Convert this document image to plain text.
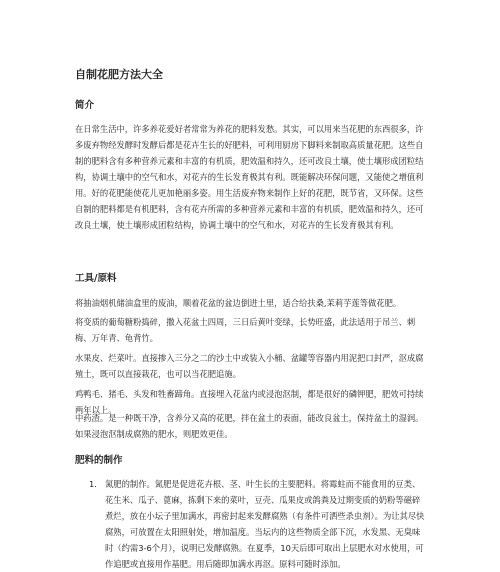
自制花肥方法大全
简介
在日常生活中，许多养花爱好者常常为养花的肥料发愁。其实，可以用来当花肥的东西很多，许多废弃物经发酵时发酵后都是花卉生长的好肥料，可利用厨房下脚料来制取高质量花肥。这些自制的肥料含有多种营养元素和丰富的有机质，肥效温和持久，还可改良土壤，使土壤形成团粒结构，协调土壤中的空气和水，对花卉的生长发育极其有利。既能解决环保问题，又能使之增值利用。好的花肥能使花儿更加艳丽多姿。用生活废弃物来制作上好的花肥，既节省，又环保。这些自制的肥料都是有机肥料，含有花卉所需的多种营养元素和丰富的有机质，肥效温和持久，还可改良土壤，使土壤形成团粒结构，协调土壤中的空气和水，对花卉的生长发育极其有利。
工具/原料
将抽油烟机储油盒里的废油，顺着花盆的盆边倒进土里，适合给扶桑,茉莉芋莲等做花肥。
将变质的葡萄糖粉捣碎，撒入花盆土四周，三日后黄叶变绿，长势旺盛，此法适用于吊兰、刺梅、万年青、龟背竹。
水果皮、烂菜叶。直接掺入三分之二的沙土中或装入小桶、盆罐等容器内用泥把口封严，沤成腐殖土，既可以直接栽花，也可以当花肥追施。
鸡鸭毛、猪毛、头发和牲畜蹄角。直接埋入花盆内或浸泡沤制，都是很好的磷钾肥，肥效可持续两年以上。
中药渣。是一种既干净，含养分又高的花肥，拌在盆土的表面，能改良盆土，保持盆土的湿润。如果浸泡沤制成腐熟的肥水，则肥效更佳。
肥料的制作
1. 氮肥的制作。氮肥是促进花卉根、茎、叶生长的主要肥料。将霉蛀而不能食用的豆类、花生米、瓜子、蓖麻，拣剩下来的菜叶，豆壳、瓜果皮或鸽粪及过期变质的奶粉等磁碎煮烂，放在小坛子里加满水，再密封起来发酵腐熟（有条件可洒些杀虫剂）。为让其尽快腐熟，可放置在太阳照射处，增加温度。当坛内的这些物质全部下沉，水发黑、无臭味时（约需3-6个月），说明已发酵腐熟。在夏季，10天后即可取出上层肥水对水使用，可作追肥或直接用作基肥。用后随即加满水再沤。原料可随时添加。
